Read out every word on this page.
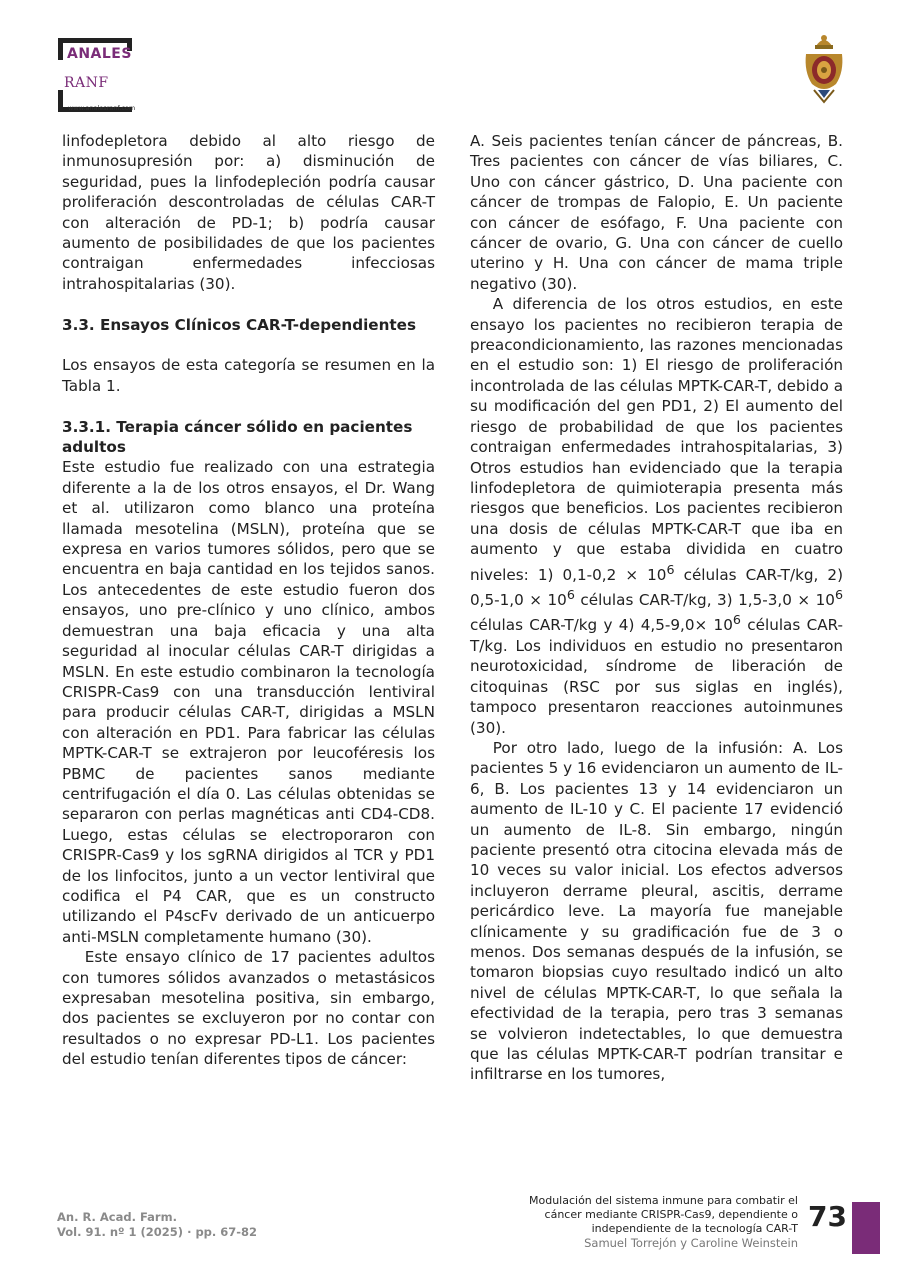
ANALES
RANF
www.analesranf.com

linfodepletora debido al alto riesgo de inmunosupresión por: a) disminución de seguridad, pues la linfodepleción podría causar proliferación descontroladas de células CAR-T con alteración de PD-1; b) podría causar aumento de posibilidades de que los pacientes contraigan enfermedades infecciosas intrahospitalarias (30).

3.3. Ensayos Clínicos CAR-T-dependientes

Los ensayos de esta categoría se resumen en la Tabla 1.

3.3.1. Terapia cáncer sólido en pacientes adultos

Este estudio fue realizado con una estrategia diferente a la de los otros ensayos, el Dr. Wang et al. utilizaron como blanco una proteína llamada mesotelina (MSLN), proteína que se expresa en varios tumores sólidos, pero que se encuentra en baja cantidad en los tejidos sanos. Los antecedentes de este estudio fueron dos ensayos, uno pre-clínico y uno clínico, ambos demuestran una baja eficacia y una alta seguridad al inocular células CAR-T dirigidas a MSLN. En este estudio combinaron la tecnología CRISPR-Cas9 con una transducción lentiviral para producir células CAR-T, dirigidas a MSLN con alteración en PD1. Para fabricar las células MPTK-CAR-T se extrajeron por leucoféresis los PBMC de pacientes sanos mediante centrifugación el día 0. Las células obtenidas se separaron con perlas magnéticas anti CD4-CD8. Luego, estas células se electroporaron con CRISPR-Cas9 y los sgRNA dirigidos al TCR y PD1 de los linfocitos, junto a un vector lentiviral que codifica el P4 CAR, que es un constructo utilizando el P4scFv derivado de un anticuerpo anti-MSLN completamente humano (30).

Este ensayo clínico de 17 pacientes adultos con tumores sólidos avanzados o metastásicos expresaban mesotelina positiva, sin embargo, dos pacientes se excluyeron por no contar con resultados o no expresar PD-L1. Los pacientes del estudio tenían diferentes tipos de cáncer:

A. Seis pacientes tenían cáncer de páncreas, B. Tres pacientes con cáncer de vías biliares, C. Uno con cáncer gástrico, D. Una paciente con cáncer de trompas de Falopio, E. Un paciente con cáncer de esófago, F. Una paciente con cáncer de ovario, G. Una con cáncer de cuello uterino y H. Una con cáncer de mama triple negativo (30).

A diferencia de los otros estudios, en este ensayo los pacientes no recibieron terapia de preacondicionamiento, las razones mencionadas en el estudio son: 1) El riesgo de proliferación incontrolada de las células MPTK-CAR-T, debido a su modificación del gen PD1, 2) El aumento del riesgo de probabilidad de que los pacientes contraigan enfermedades intrahospitalarias, 3) Otros estudios han evidenciado que la terapia linfodepletora de quimioterapia presenta más riesgos que beneficios. Los pacientes recibieron una dosis de células MPTK-CAR-T que iba en aumento y que estaba dividida en cuatro niveles: 1) $0,1-0,2 \times 10^6$ células CAR-T/kg, 2) $0,5-1,0 \times 10^6$ células CAR-T/kg, 3) $1,5-3,0 \times 10^6$ células CAR-T/kg y 4) $4,5-9,0\times 10^6$ células CAR-T/kg. Los individuos en estudio no presentaron neurotoxicidad, síndrome de liberación de citoquinas (RSC por sus siglas en inglés), tampoco presentaron reacciones autoinmunes (30).

Por otro lado, luego de la infusión: A. Los pacientes 5 y 16 evidenciaron un aumento de IL-6, B. Los pacientes 13 y 14 evidenciaron un aumento de IL-10 y C. El paciente 17 evidenció un aumento de IL-8. Sin embargo, ningún paciente presentó otra citocina elevada más de 10 veces su valor inicial. Los efectos adversos incluyeron derrame pleural, ascitis, derrame pericárdico leve. La mayoría fue manejable clínicamente y su gradificación fue de 3 o menos. Dos semanas después de la infusión, se tomaron biopsias cuyo resultado indicó un alto nivel de células MPTK-CAR-T, lo que señala la efectividad de la terapia, pero tras 3 semanas se volvieron indetectables, lo que demuestra que las células MPTK-CAR-T podrían transitar e infiltrarse en los tumores,

An. R. Acad. Farm.
Vol. 91. nº 1 (2025) · pp. 67-82
Modulación del sistema inmune para combatir el
cáncer mediante CRISPR-Cas9, dependiente o
independiente de la tecnología CAR-T
Samuel Torrejón y Caroline Weinstein
73
